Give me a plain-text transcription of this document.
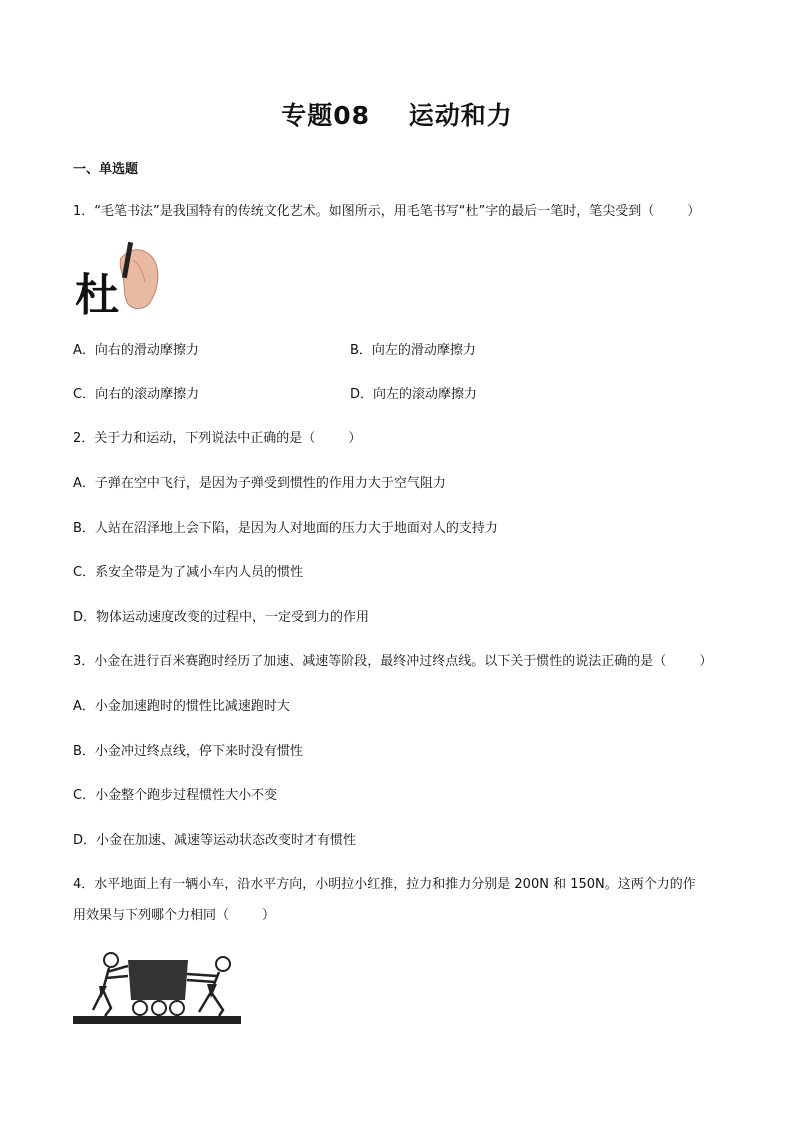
专题08    运动和力
一、单选题
1．“毛笔书法”是我国特有的传统文化艺术。如图所示，用毛笔书写“杜”字的最后一笔时，笔尖受到（        ）
杜
A．向右的滑动摩擦力	B．向左的滑动摩擦力
C．向右的滚动摩擦力	D．向左的滚动摩擦力
2．关于力和运动，下列说法中正确的是（        ）
A．子弹在空中飞行，是因为子弹受到惯性的作用力大于空气阻力
B．人站在沼泽地上会下陷，是因为人对地面的压力大于地面对人的支持力
C．系安全带是为了减小车内人员的惯性
D．物体运动速度改变的过程中，一定受到力的作用
3．小金在进行百米赛跑时经历了加速、减速等阶段，最终冲过终点线。以下关于惯性的说法正确的是（        ）
A．小金加速跑时的惯性比减速跑时大
B．小金冲过终点线，停下来时没有惯性
C．小金整个跑步过程惯性大小不变
D．小金在加速、减速等运动状态改变时才有惯性
4．水平地面上有一辆小车，沿水平方向，小明拉小红推，拉力和推力分别是 200N 和 150N。这两个力的作
用效果与下列哪个力相同（        ）
